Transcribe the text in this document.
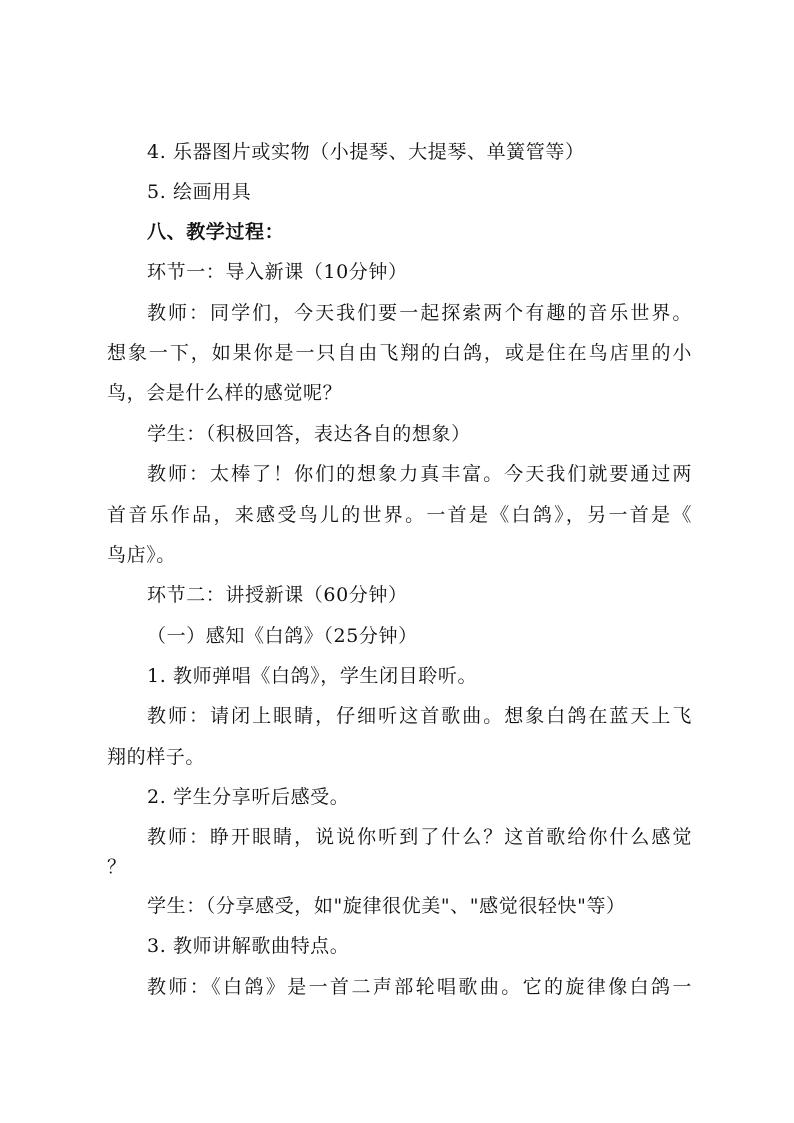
4. 乐器图片或实物（小提琴、大提琴、单簧管等）
5. 绘画用具
八、教学过程：
环节一：导入新课（10分钟）
教师：同学们，今天我们要一起探索两个有趣的音乐世界。
想象一下，如果你是一只自由飞翔的白鸽，或是住在鸟店里的小
鸟，会是什么样的感觉呢？
学生：（积极回答，表达各自的想象）
教师：太棒了！你们的想象力真丰富。今天我们就要通过两
首音乐作品，来感受鸟儿的世界。一首是《白鸽》，另一首是《
鸟店》。
环节二：讲授新课（60分钟）
（一）感知《白鸽》（25分钟）
1. 教师弹唱《白鸽》，学生闭目聆听。
教师：请闭上眼睛，仔细听这首歌曲。想象白鸽在蓝天上飞
翔的样子。
2. 学生分享听后感受。
教师：睁开眼睛，说说你听到了什么？这首歌给你什么感觉
？
学生：（分享感受，如"旋律很优美"、"感觉很轻快"等）
3. 教师讲解歌曲特点。
教师：《白鸽》是一首二声部轮唱歌曲。它的旋律像白鸽一
